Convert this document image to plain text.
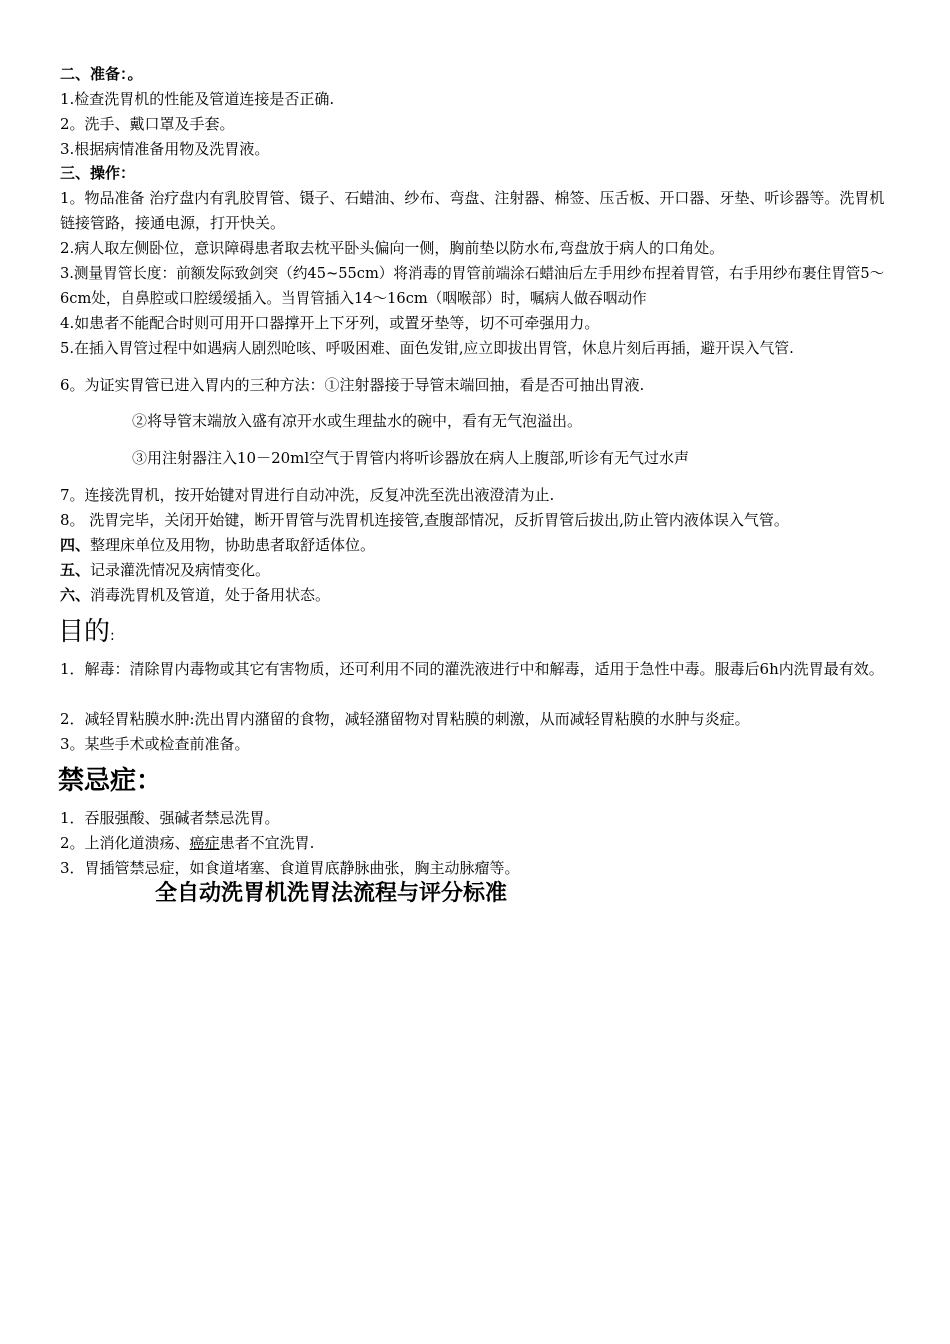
二、准备：。
1.检查洗胃机的性能及管道连接是否正确.
2。洗手、戴口罩及手套。
3.根据病情准备用物及洗胃液。
三、操作：
1。物品准备 治疗盘内有乳胶胃管、镊子、石蜡油、纱布、弯盘、注射器、棉签、压舌板、开口器、牙垫、听诊器等。洗胃机链接管路，接通电源，打开快关。
2.病人取左侧卧位，意识障碍患者取去枕平卧头偏向一侧，胸前垫以防水布,弯盘放于病人的口角处。
3.测量胃管长度：前额发际致剑突（约45~55cm）将消毒的胃管前端涂石蜡油后左手用纱布捏着胃管，右手用纱布裹住胃管5～6cm处，自鼻腔或口腔缓缓插入。当胃管插入14～16cm（咽喉部）时，嘱病人做吞咽动作
4.如患者不能配合时则可用开口器撑开上下牙列，或置牙垫等，切不可牵强用力。
5.在插入胃管过程中如遇病人剧烈呛咳、呼吸困难、面色发钳,应立即拔出胃管，休息片刻后再插，避开误入气管.
6。为证实胃管已进入胃内的三种方法：①注射器接于导管末端回抽，看是否可抽出胃液.
②将导管末端放入盛有凉开水或生理盐水的碗中，看有无气泡溢出。
③用注射器注入10－20ml空气于胃管内将听诊器放在病人上腹部,听诊有无气过水声
7。连接洗胃机，按开始键对胃进行自动冲洗，反复冲洗至洗出液澄清为止.
8。 洗胃完毕，关闭开始键，断开胃管与洗胃机连接管,查腹部情况，反折胃管后拔出,防止管内液体误入气管。
四、整理床单位及用物，协助患者取舒适体位。
五、记录灌洗情况及病情变化。
六、消毒洗胃机及管道，处于备用状态。
目的:
1．解毒：清除胃内毒物或其它有害物质，还可利用不同的灌洗液进行中和解毒，适用于急性中毒。服毒后6h内洗胃最有效。
2．减轻胃粘膜水肿:洗出胃内潴留的食物，减轻潴留物对胃粘膜的刺激，从而减轻胃粘膜的水肿与炎症。
3。某些手术或检查前准备。
禁忌症：
1．吞服强酸、强碱者禁忌洗胃。
2。上消化道溃疡、癌症患者不宜洗胃.
3．胃插管禁忌症，如食道堵塞、食道胃底静脉曲张，胸主动脉瘤等。
全自动洗胃机洗胃法流程与评分标准
